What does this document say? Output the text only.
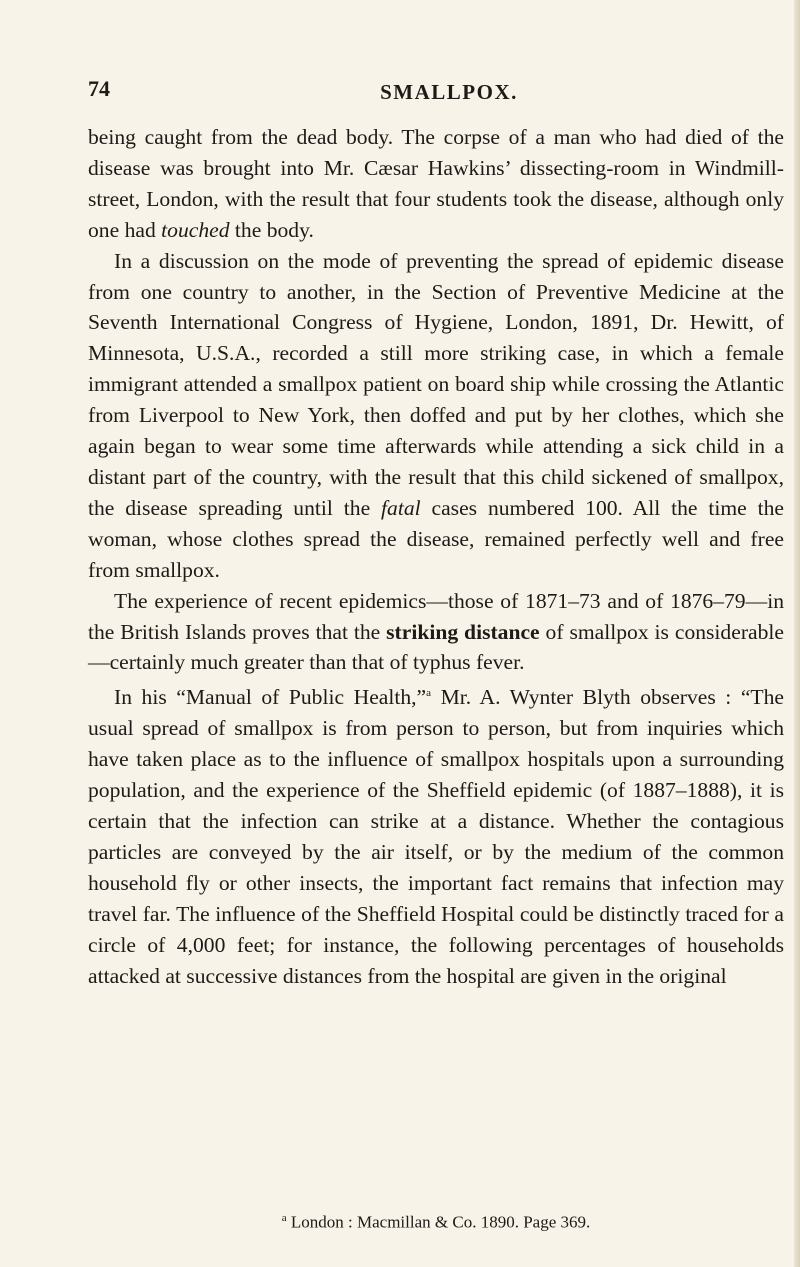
74	SMALLPOX.

being caught from the dead body. The corpse of a man who had died of the disease was brought into Mr. Cæsar Hawkins’ dissecting-room in Windmill-street, London, with the result that four students took the disease, although only one had touched the body.

In a discussion on the mode of preventing the spread of epidemic disease from one country to another, in the Section of Preventive Medicine at the Seventh International Congress of Hygiene, London, 1891, Dr. Hewitt, of Minnesota, U.S.A., recorded a still more striking case, in which a female immigrant attended a smallpox patient on board ship while crossing the Atlantic from Liverpool to New York, then doffed and put by her clothes, which she again began to wear some time afterwards while attending a sick child in a distant part of the country, with the result that this child sickened of smallpox, the disease spreading until the fatal cases numbered 100. All the time the woman, whose clothes spread the disease, remained perfectly well and free from smallpox.

The experience of recent epidemics—those of 1871–73 and of 1876–79—in the British Islands proves that the striking distance of smallpox is considerable—certainly much greater than that of typhus fever.

In his “Manual of Public Health,”$^a$ Mr. A. Wynter Blyth observes : “The usual spread of smallpox is from person to person, but from inquiries which have taken place as to the influence of smallpox hospitals upon a surrounding population, and the experience of the Sheffield epidemic (of 1887–1888), it is certain that the infection can strike at a distance. Whether the contagious particles are conveyed by the air itself, or by the medium of the common household fly or other insects, the important fact remains that infection may travel far. The influence of the Sheffield Hospital could be distinctly traced for a circle of 4,000 feet; for instance, the following percentages of households attacked at successive distances from the hospital are given in the original

$^a$ London : Macmillan & Co. 1890. Page 369.
